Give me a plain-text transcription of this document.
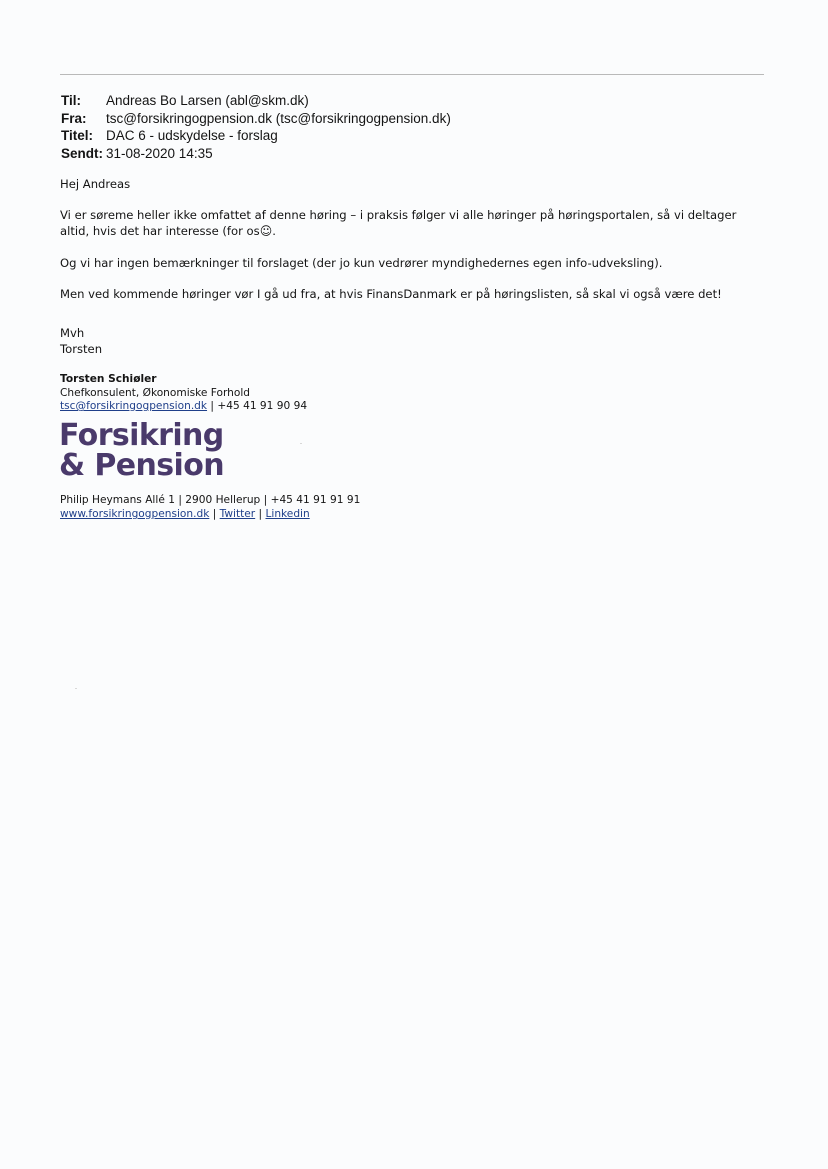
Til:	Andreas Bo Larsen (abl@skm.dk)
Fra:	tsc@forsikringogpension.dk (tsc@forsikringogpension.dk)
Titel: DAC 6 - udskydelse - forslag
Sendt: 31-08-2020 14:35

Hej Andreas

Vi er søreme heller ikke omfattet af denne høring – i praksis følger vi alle høringer på høringsportalen, så vi deltager altid, hvis det har interesse (for os☺.

Og vi har ingen bemærkninger til forslaget (der jo kun vedrører myndighedernes egen info-udveksling).

Men ved kommende høringer vør I gå ud fra, at hvis FinansDanmark er på høringslisten, så skal vi også være det!

Mvh
Torsten
Torsten Schiøler
Chefkonsulent, Økonomiske Forhold
tsc@forsikringogpension.dk | +45 41 91 90 94
Forsikring
& Pension
Philip Heymans Allé 1 | 2900 Hellerup | +45 41 91 91 91
www.forsikringogpension.dk | Twitter | Linkedin
